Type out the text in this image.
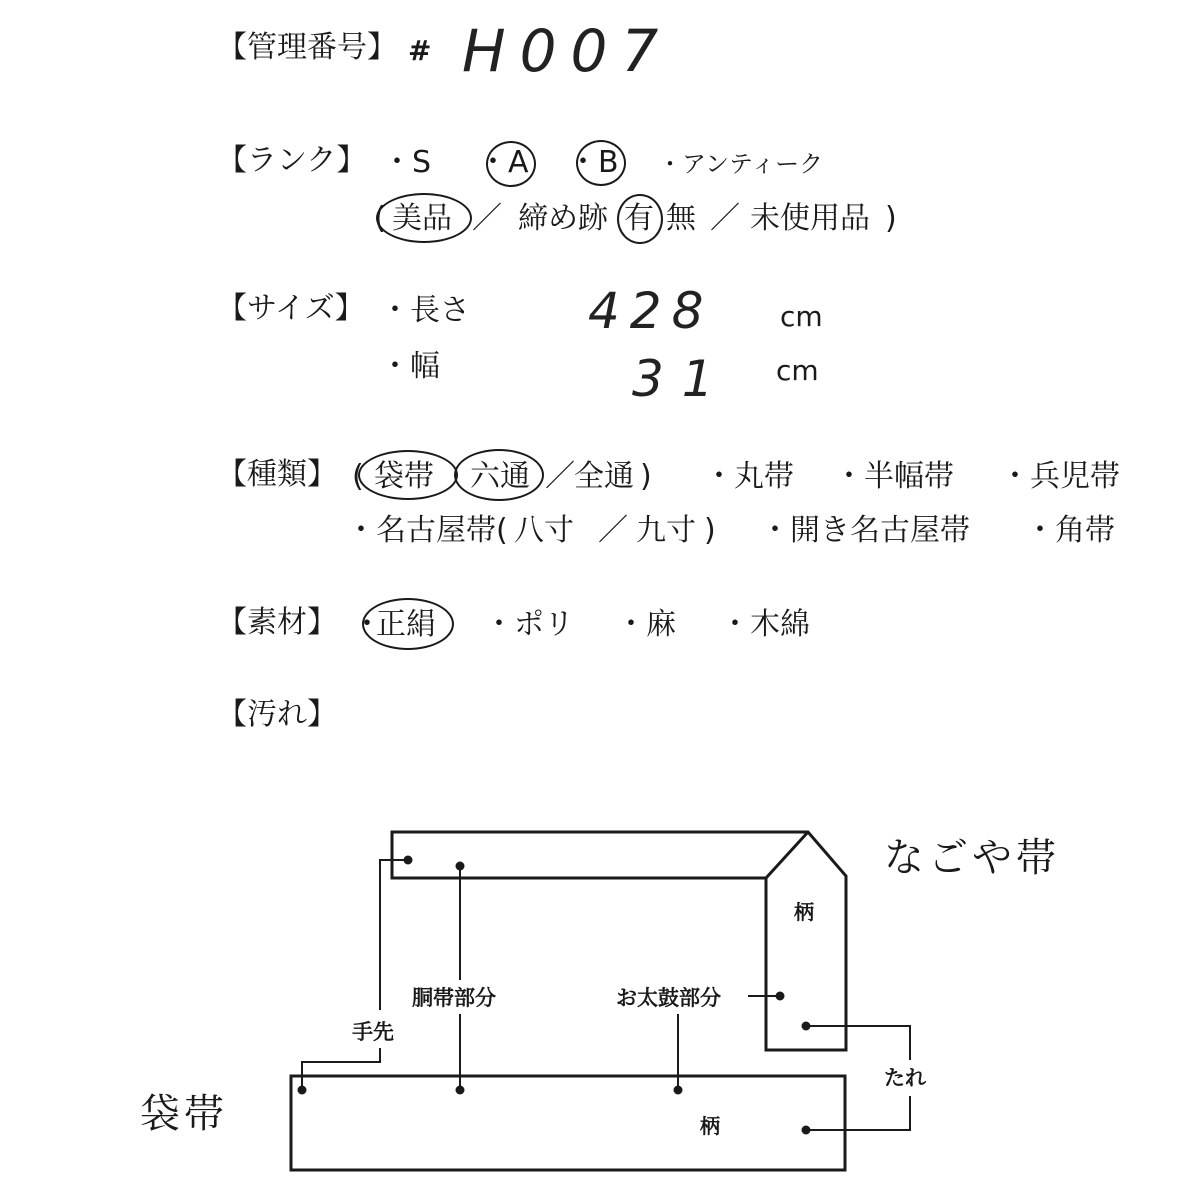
【管理番号】 # H007
【ランク】 ・S ・A ・B ・アンティーク
( 美品 ／ 締め跡 有 無 ／ 未使用品 )
【サイズ】 ・長さ 428 cm
・幅	31 cm
【種類】 ( 袋帯 六通 ／ 全通 ) ・丸帯 ・半幅帯 ・兵児帯
・名古屋帯 ( 八寸 ／ 九寸 ) ・開き名古屋帯 ・角帯
【素材】 ・
正絹 ・ポリ ・麻 ・木綿
【汚れ】
なごや帯
袋帯
柄
柄
胴帯部分	お太鼓部分
手先
たれ
